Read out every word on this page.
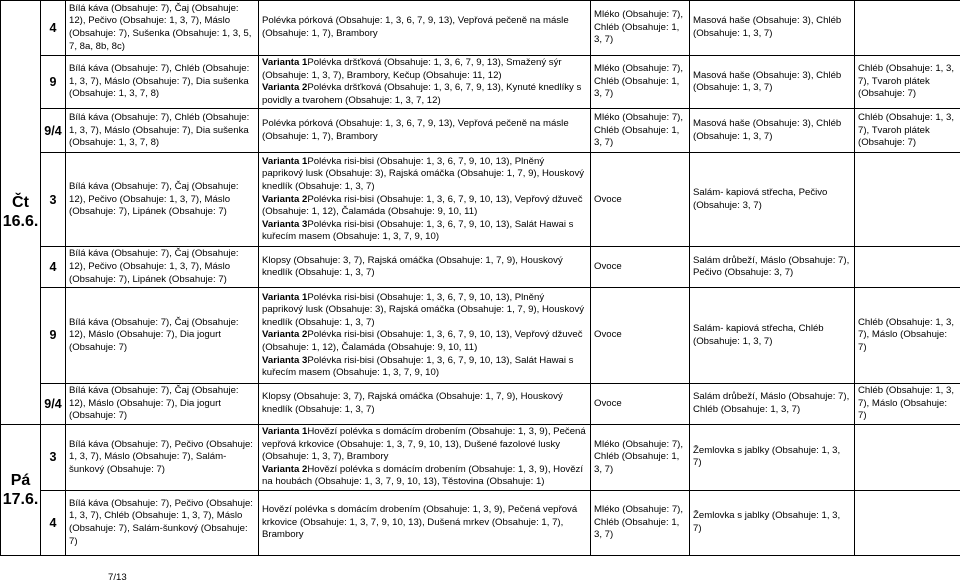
Čt 16.6.	4	Bílá káva (Obsahuje: 7), Čaj (Obsahuje: 12), Pečivo (Obsahuje: 1, 3, 7), Máslo (Obsahuje: 7), Sušenka (Obsahuje: 1, 3, 5, 7, 8a, 8b, 8c)	Polévka pórková (Obsahuje: 1, 3, 6, 7, 9, 13), Vepřová pečeně na másle (Obsahuje: 1, 7), Brambory	Mléko (Obsahuje: 7), Chléb (Obsahuje: 1, 3, 7)	Masová haše (Obsahuje: 3), Chléb (Obsahuje: 1, 3, 7)	
	9	Bílá káva (Obsahuje: 7), Chléb (Obsahuje: 1, 3, 7), Máslo (Obsahuje: 7), Dia sušenka (Obsahuje: 1, 3, 7, 8)	Varianta 1Polévka dršťková (Obsahuje: 1, 3, 6, 7, 9, 13), Smažený sýr (Obsahuje: 1, 3, 7), Brambory, Kečup (Obsahuje: 11, 12)
Varianta 2Polévka dršťková (Obsahuje: 1, 3, 6, 7, 9, 13), Kynuté knedlíky s povidly a tvarohem (Obsahuje: 1, 3, 7, 12)	Mléko (Obsahuje: 7), Chléb (Obsahuje: 1, 3, 7)	Masová haše (Obsahuje: 3), Chléb (Obsahuje: 1, 3, 7)	Chléb (Obsahuje: 1, 3, 7), Tvaroh plátek (Obsahuje: 7)
	9/4	Bílá káva (Obsahuje: 7), Chléb (Obsahuje: 1, 3, 7), Máslo (Obsahuje: 7), Dia sušenka (Obsahuje: 1, 3, 7, 8)	Polévka pórková (Obsahuje: 1, 3, 6, 7, 9, 13), Vepřová pečeně na másle (Obsahuje: 1, 7), Brambory	Mléko (Obsahuje: 7), Chléb (Obsahuje: 1, 3, 7)	Masová haše (Obsahuje: 3), Chléb (Obsahuje: 1, 3, 7)	Chléb (Obsahuje: 1, 3, 7), Tvaroh plátek (Obsahuje: 7)
	3	Bílá káva (Obsahuje: 7), Čaj (Obsahuje: 12), Pečivo (Obsahuje: 1, 3, 7), Máslo (Obsahuje: 7), Lipánek (Obsahuje: 7)	Varianta 1Polévka risi-bisi (Obsahuje: 1, 3, 6, 7, 9, 10, 13), Plněný paprikový lusk (Obsahuje: 3), Rajská omáčka (Obsahuje: 1, 7, 9), Houskový knedlík (Obsahuje: 1, 3, 7)
Varianta 2Polévka risi-bisi (Obsahuje: 1, 3, 6, 7, 9, 10, 13), Vepřový džuveč (Obsahuje: 1, 12), Čalamáda (Obsahuje: 9, 10, 11)
Varianta 3Polévka risi-bisi (Obsahuje: 1, 3, 6, 7, 9, 10, 13), Salát Hawai s kuřecím masem (Obsahuje: 1, 3, 7, 9, 10)	Ovoce	Salám- kapiová střecha, Pečivo (Obsahuje: 3, 7)	
	4	Bílá káva (Obsahuje: 7), Čaj (Obsahuje: 12), Pečivo (Obsahuje: 1, 3, 7), Máslo (Obsahuje: 7), Lipánek (Obsahuje: 7)	Klopsy (Obsahuje: 3, 7), Rajská omáčka (Obsahuje: 1, 7, 9), Houskový knedlík (Obsahuje: 1, 3, 7)	Ovoce	Salám drůbeží, Máslo (Obsahuje: 7), Pečivo (Obsahuje: 3, 7)	
	9	Bílá káva (Obsahuje: 7), Čaj (Obsahuje: 12), Máslo (Obsahuje: 7), Dia jogurt (Obsahuje: 7)	Varianta 1Polévka risi-bisi (Obsahuje: 1, 3, 6, 7, 9, 10, 13), Plněný paprikový lusk (Obsahuje: 3), Rajská omáčka (Obsahuje: 1, 7, 9), Houskový knedlík (Obsahuje: 1, 3, 7)
Varianta 2Polévka risi-bisi (Obsahuje: 1, 3, 6, 7, 9, 10, 13), Vepřový džuveč (Obsahuje: 1, 12), Čalamáda (Obsahuje: 9, 10, 11)
Varianta 3Polévka risi-bisi (Obsahuje: 1, 3, 6, 7, 9, 10, 13), Salát Hawai s kuřecím masem (Obsahuje: 1, 3, 7, 9, 10)	Ovoce	Salám- kapiová střecha, Chléb (Obsahuje: 1, 3, 7)	Chléb (Obsahuje: 1, 3, 7), Máslo (Obsahuje: 7)
	9/4	Bílá káva (Obsahuje: 7), Čaj (Obsahuje: 12), Máslo (Obsahuje: 7), Dia jogurt (Obsahuje: 7)	Klopsy (Obsahuje: 3, 7), Rajská omáčka (Obsahuje: 1, 7, 9), Houskový knedlík (Obsahuje: 1, 3, 7)	Ovoce	Salám drůbeží, Máslo (Obsahuje: 7), Chléb (Obsahuje: 1, 3, 7)	Chléb (Obsahuje: 1, 3, 7), Máslo (Obsahuje: 7)
Pá 17.6.	3	Bílá káva (Obsahuje: 7), Pečivo (Obsahuje: 1, 3, 7), Máslo (Obsahuje: 7), Salám-šunkový (Obsahuje: 7)	Varianta 1Hovězí polévka s domácím drobením (Obsahuje: 1, 3, 9), Pečená vepřová krkovice (Obsahuje: 1, 3, 7, 9, 10, 13), Dušené fazolové lusky (Obsahuje: 1, 3, 7), Brambory
Varianta 2Hovězí polévka s domácím drobením (Obsahuje: 1, 3, 9), Hovězí na houbách (Obsahuje: 1, 3, 7, 9, 10, 13), Těstovina (Obsahuje: 1)	Mléko (Obsahuje: 7), Chléb (Obsahuje: 1, 3, 7)	Žemlovka s jablky (Obsahuje: 1, 3, 7)	
	4	Bílá káva (Obsahuje: 7), Pečivo (Obsahuje: 1, 3, 7), Chléb (Obsahuje: 1, 3, 7), Máslo (Obsahuje: 7), Salám-šunkový (Obsahuje: 7)	Hovězí polévka s domácím drobením (Obsahuje: 1, 3, 9), Pečená vepřová krkovice (Obsahuje: 1, 3, 7, 9, 10, 13), Dušená mrkev (Obsahuje: 1, 7), Brambory	Mléko (Obsahuje: 7), Chléb (Obsahuje: 1, 3, 7)	Žemlovka s jablky (Obsahuje: 1, 3, 7)	
7/13
